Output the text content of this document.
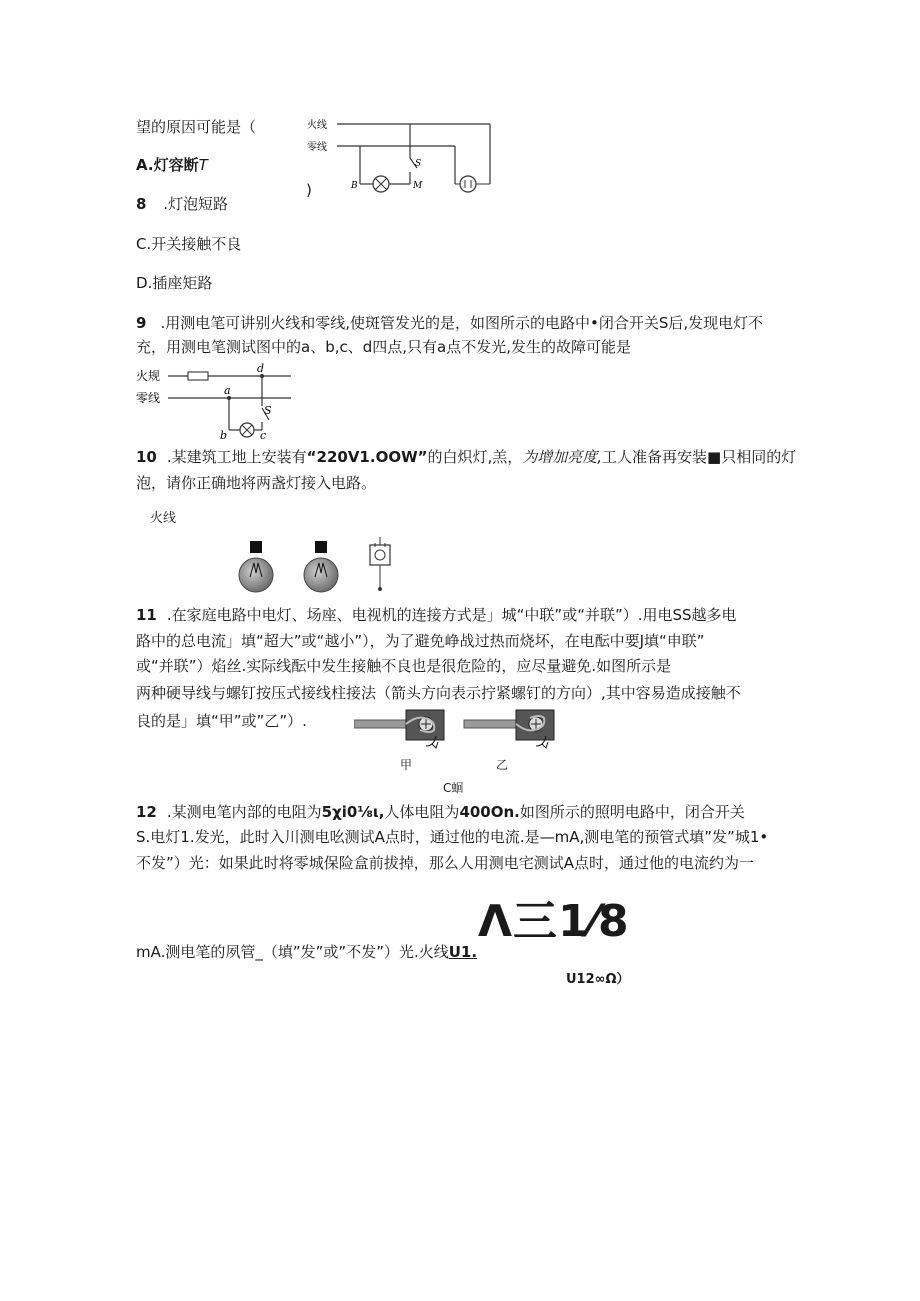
望的原因可能是（
A.灯容断T
8 .灯泡短路
C.开关接触不良
D.插座矩路
)
火线
零线
S
B	M
9 .用测电笔可讲别火线和零线,使斑管发光的是，如图所示的电路中•闭合开关S后,发现电灯不
充，用测电笔测试图中的a、b,c、d四点,只有a点不发光,发生的故障可能是
火规
零线
a
b	c
d
S
10 .某建筑工地上安装有“220V1.OOW”的白炽灯,羔，为增加亮度,工人准备再安装■只相同的灯
泡，请你正确地将两盏灯接入电路。
火线
11 .在家庭电路中电灯、场座、电视机的连接方式是」城“中联”或“并联”）.用电SS越多电
路中的总电流」填“超大”或“越小”），为了避免峥战过热而烧坏，在电酝中要J填“申联”
或“并联”）焰丝.实际线酝中发生接触不良也是很危险的，应尽量避免.如图所示是
两种硬导线与螺钉按压式接线柱接法（箭头方向表示拧紧螺钉的方向）,其中容易造成接触不
良的是」填“甲”或”乙”）.
甲	乙
C蛔
12 .某测电笔内部的电阻为5χi0⅛ι,人体电阻为400On.如图所示的照明电路中，闭合开关
S.电灯1.发光，此时入川测电吆测试A点时，通过他的电流.是—mA,测电笔的预管式填”发”城1•
不发”）光：如果此时将零城保险盒前拔掉，那么人用测电宅测试A点时，通过他的电流约为一
mA.测电笔的夙管_（填”发”或”不发”）光.火线U1.
Λ三1⁄8
U12∞Ω）
